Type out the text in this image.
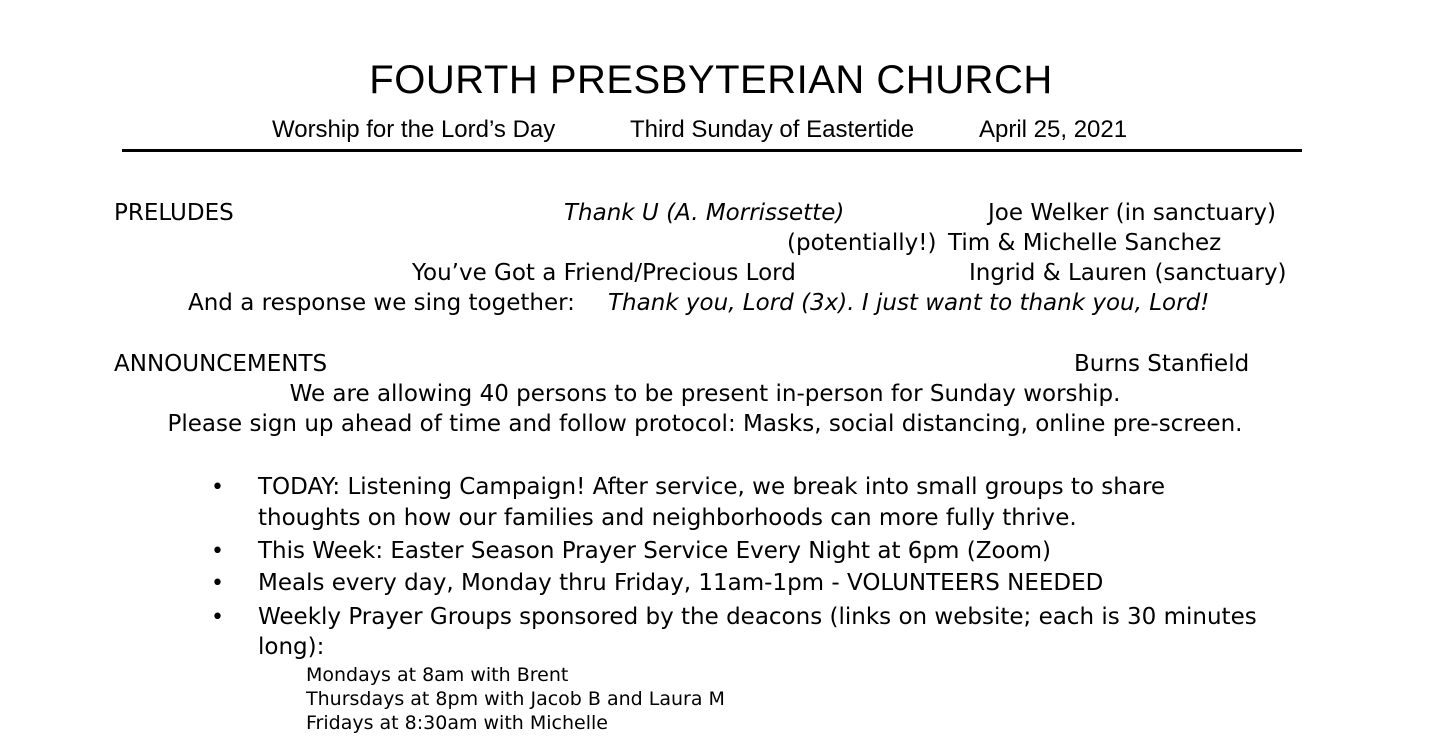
FOURTH PRESBYTERIAN CHURCH
Worship for the Lord’s Day	Third Sunday of Eastertide	April 25, 2021
PRELUDES	Thank U (A. Morrissette)	Joe Welker (in sanctuary)
(potentially!) Tim & Michelle Sanchez
You’ve Got a Friend/Precious Lord	Ingrid & Lauren (sanctuary)
And a response we sing together: Thank you, Lord (3x). I just want to thank you, Lord!
ANNOUNCEMENTS	Burns Stanfield
We are allowing 40 persons to be present in-person for Sunday worship.
Please sign up ahead of time and follow protocol: Masks, social distancing, online pre-screen.
• TODAY: Listening Campaign! After service, we break into small groups to share
thoughts on how our families and neighborhoods can more fully thrive.
• This Week: Easter Season Prayer Service Every Night at 6pm (Zoom)
• Meals every day, Monday thru Friday, 11am-1pm - VOLUNTEERS NEEDED
• Weekly Prayer Groups sponsored by the deacons (links on website; each is 30 minutes
long):
Mondays at 8am with Brent
Thursdays at 8pm with Jacob B and Laura M
Fridays at 8:30am with Michelle
